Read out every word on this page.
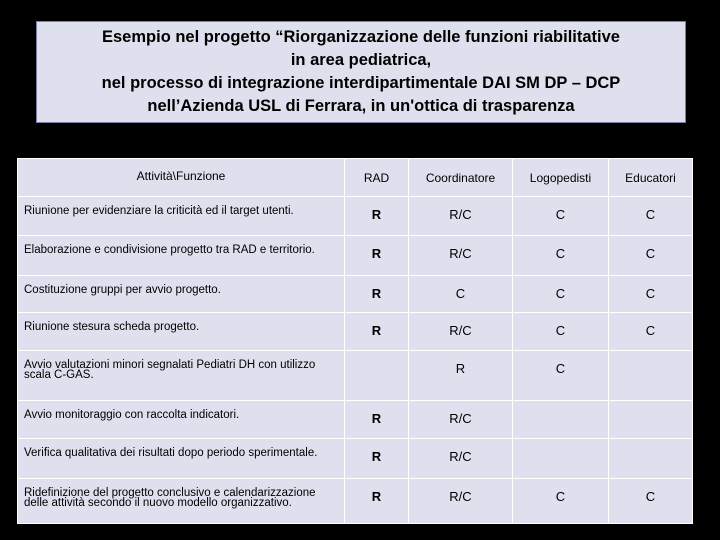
Esempio nel progetto “Riorganizzazione delle funzioni riabilitative
in area pediatrica,
nel processo di integrazione interdipartimentale DAI SM DP – DCP
nell’Azienda USL di Ferrara, in un'ottica di trasparenza
Attività\Funzione	RAD	Coordinatore	Logopedisti	Educatori
Riunione per evidenziare la criticità ed il target utenti.	R	R/C	C	C
Elaborazione e condivisione progetto tra RAD e territorio.	R	R/C	C	C
Costituzione gruppi per avvio progetto.	R	C	C	C
Riunione stesura scheda progetto.	R	R/C	C	C
Avvio valutazioni minori segnalati Pediatri DH con utilizzo scala C-GAS.		R	C	
Avvio monitoraggio con raccolta indicatori.	R	R/C		
Verifica qualitativa dei risultati dopo periodo sperimentale.	R	R/C		
Ridefinizione del progetto conclusivo e calendarizzazione delle attività secondo il nuovo modello organizzativo.	R	R/C	C	C
